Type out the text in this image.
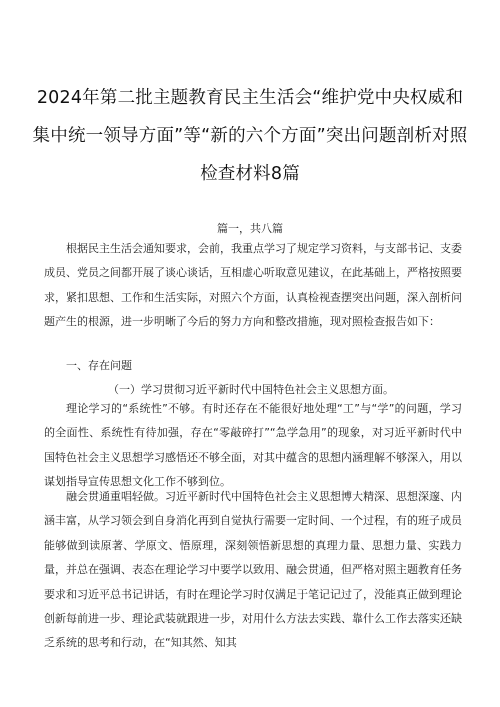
2024年第二批主题教育民主生活会“维护党中央权威和
集中统一领导方面”等“新的六个方面”突出问题剖析对照
检查材料8篇
篇一，共八篇

根据民主生活会通知要求，会前，我重点学习了规定学习资料，与支部书记、支委成员、党员之间都开展了谈心谈话，互相虚心听取意见建议，在此基础上，严格按照要求，紧扣思想、工作和生活实际，对照六个方面，认真检视查摆突出问题，深入剖析问题产生的根源，进一步明晰了今后的努力方向和整改措施，现对照检查报告如下：

一、存在问题
（一）学习贯彻习近平新时代中国特色社会主义思想方面。

理论学习的“系统性”不够。有时还存在不能很好地处理“工”与“学”的问题，学习的全面性、系统性有待加强，存在“零敲碎打”“急学急用”的现象，对习近平新时代中国特色社会主义思想学习感悟还不够全面，对其中蕴含的思想内涵理解不够深入，用以谋划指导宣传思想文化工作不够到位。

融会贯通重唱轻做。习近平新时代中国特色社会主义思想博大精深、思想深邃、内涵丰富，从学习领会到自身消化再到自觉执行需要一定时间、一个过程，有的班子成员能够做到读原著、学原文、悟原理，深刻领悟新思想的真理力量、思想力量、实践力量，并总在强调、表态在理论学习中要学以致用、融会贯通，但严格对照主题教育任务要求和习近平总书记讲话，有时在理论学习时仅满足于笔记记过了，没能真正做到理论创新每前进一步、理论武装就跟进一步，对用什么方法去实践、靠什么工作去落实还缺乏系统的思考和行动，在“知其然、知其
